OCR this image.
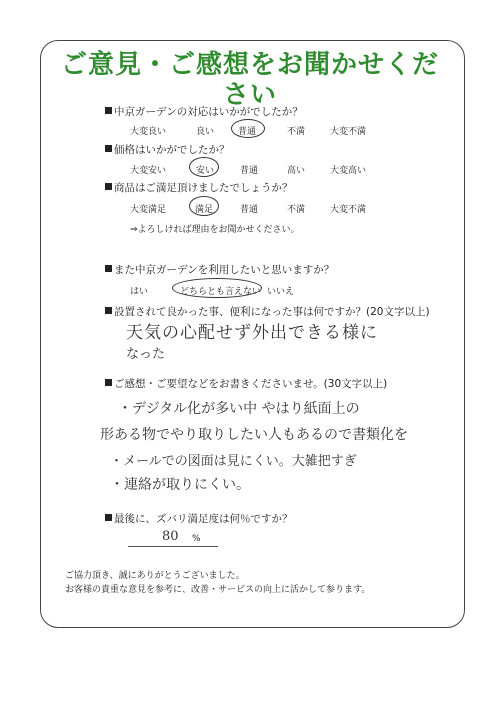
ご意見・ご感想をお聞かせください
中京ガーデンの対応はいかがでしたか？
大変良い	良い	普通	不満	大変不満
価格はいかがでしたか？
大変安い	安い	普通	高い	大変高い
商品はご満足頂けましたでしょうか？
大変満足	満足	普通	不満	大変不満
⇒よろしければ理由をお聞かせください。
また中京ガーデンを利用したいと思いますか？
はい	どちらとも言えない いいえ
設置されて良かった事、便利になった事は何ですか？(20文字以上)
天気の心配せず外出できる様に
なった
ご感想・ご要望などをお書きくださいませ。(30文字以上)
・デジタル化が多い中 やはり紙面上の
形ある物でやり取りしたい人もあるので書類化を
・メールでの図面は見にくい。大雑把すぎ
・連絡が取りにくい。
最後に、ズバリ満足度は何％ですか？
80 %
ご協力頂き、誠にありがとうございました。
お客様の貴重な意見を参考に、改善・サービスの向上に活かして参ります。
